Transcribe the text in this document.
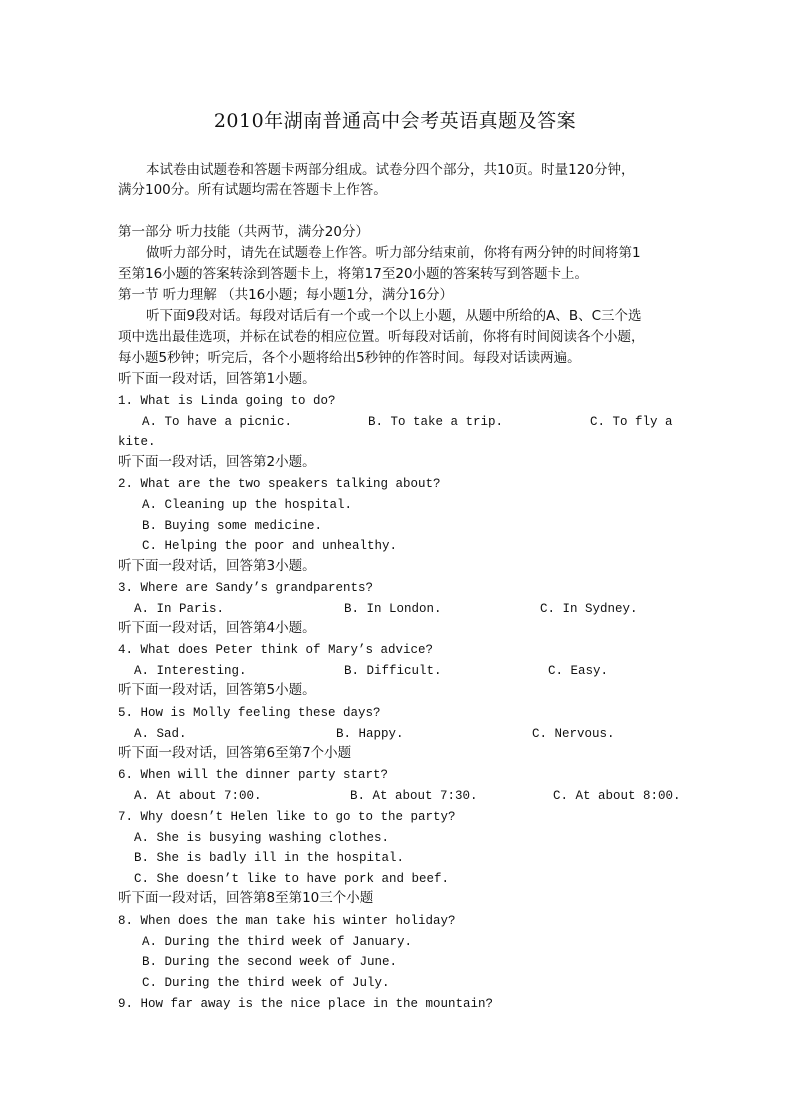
2010年湖南普通高中会考英语真题及答案
本试卷由试题卷和答题卡两部分组成。试卷分四个部分，共10页。时量120分钟，
满分100分。所有试题均需在答题卡上作答。
第一部分 听力技能（共两节，满分20分）
做听力部分时，请先在试题卷上作答。听力部分结束前，你将有两分钟的时间将第1
至第16小题的答案转涂到答题卡上，将第17至20小题的答案转写到答题卡上。
第一节 听力理解 （共16小题；每小题1分，满分16分）
听下面9段对话。每段对话后有一个或一个以上小题，从题中所给的A、B、C三个选
项中选出最佳选项，并标在试卷的相应位置。听每段对话前，你将有时间阅读各个小题，
每小题5秒钟；听完后，各个小题将给出5秒钟的作答时间。每段对话读两遍。
听下面一段对话，回答第1小题。
1. What is Linda going to do?
A. To have a picnic.	B. To take a trip.	C. To fly a
kite.
听下面一段对话，回答第2小题。
2. What are the two speakers talking about?
A. Cleaning up the hospital.
B. Buying some medicine.
C. Helping the poor and unhealthy.
听下面一段对话，回答第3小题。
3. Where are Sandy’s grandparents?
A. In Paris.	B. In London.	C. In Sydney.
听下面一段对话，回答第4小题。
4. What does Peter think of Mary’s advice?
A. Interesting.	B. Difficult.	C. Easy.
听下面一段对话，回答第5小题。
5. How is Molly feeling these days?
A. Sad.	B. Happy.	C. Nervous.
听下面一段对话，回答第6至第7个小题
6. When will the dinner party start?
A. At about 7:00.	B. At about 7:30.	C. At about 8:00.
7. Why doesn’t Helen like to go to the party?
A. She is busying washing clothes.
B. She is badly ill in the hospital.
C. She doesn’t like to have pork and beef.
听下面一段对话，回答第8至第10三个小题
8. When does the man take his winter holiday?
A. During the third week of January.
B. During the second week of June.
C. During the third week of July.
9. How far away is the nice place in the mountain?
